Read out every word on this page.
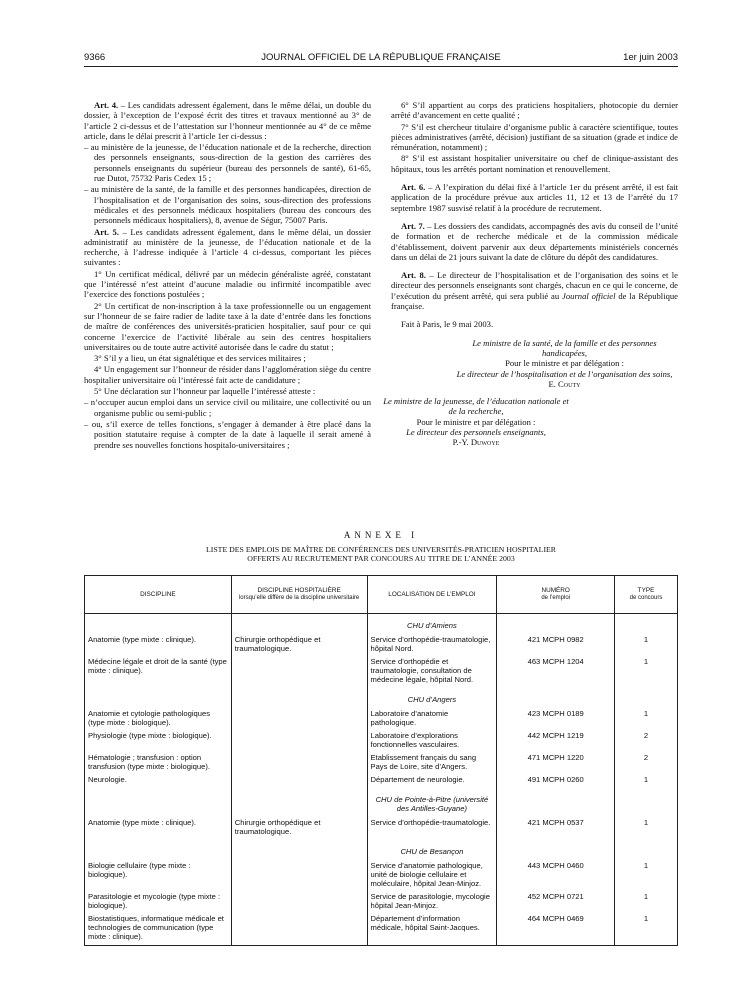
9366	JOURNAL OFFICIEL DE LA RÉPUBLIQUE FRANÇAISE	1er juin 2003

Art. 4. – Les candidats adressent également, dans le même délai, un double du dossier, à l’exception de l’exposé écrit des titres et travaux mentionné au 3° de l’article 2 ci-dessus et de l’attestation sur l’honneur mentionnée au 4° de ce même article, dans le délai prescrit à l’article 1er ci-dessus :

– au ministère de la jeunesse, de l’éducation nationale et de la recherche, direction des personnels enseignants, sous-direction de la gestion des carrières des personnels enseignants du supérieur (bureau des personnels de santé), 61-65, rue Dutot, 75732 Paris Cedex 15 ;

– au ministère de la santé, de la famille et des personnes handicapées, direction de l’hospitalisation et de l’organisation des soins, sous-direction des professions médicales et des personnels médicaux hospitaliers (bureau des concours des personnels médicaux hospitaliers), 8, avenue de Ségur, 75007 Paris.

Art. 5. – Les candidats adressent également, dans le même délai, un dossier administratif au ministère de la jeunesse, de l’éducation nationale et de la recherche, à l’adresse indiquée à l’article 4 ci-dessus, comportant les pièces suivantes :

1° Un certificat médical, délivré par un médecin généraliste agréé, constatant que l’intéressé n’est atteint d’aucune maladie ou infirmité incompatible avec l’exercice des fonctions postulées ;

2° Un certificat de non-inscription à la taxe professionnelle ou un engagement sur l’honneur de se faire radier de ladite taxe à la date d’entrée dans les fonctions de maître de conférences des universités-praticien hospitalier, sauf pour ce qui concerne l’exercice de l’activité libérale au sein des centres hospitaliers universitaires ou de toute autre activité autorisée dans le cadre du statut ;

3° S’il y a lieu, un état signalétique et des services militaires ;

4° Un engagement sur l’honneur de résider dans l’agglomération siège du centre hospitalier universitaire où l’intéressé fait acte de candidature ;

5° Une déclaration sur l’honneur par laquelle l’intéressé atteste :

– n’occuper aucun emploi dans un service civil ou militaire, une collectivité ou un organisme public ou semi-public ;

– ou, s’il exerce de telles fonctions, s’engager à demander à être placé dans la position statutaire requise à compter de la date à laquelle il serait amené à prendre ses nouvelles fonctions hospitalo-universitaires ;

6° S’il appartient au corps des praticiens hospitaliers, photocopie du dernier arrêté d’avancement en cette qualité ;

7° S’il est chercheur titulaire d’organisme public à caractère scientifique, toutes pièces administratives (arrêté, décision) justifiant de sa situation (grade et indice de rémunération, notamment) ;

8° S’il est assistant hospitalier universitaire ou chef de clinique-assistant des hôpitaux, tous les arrêtés portant nomination et renouvellement.

Art. 6. – A l’expiration du délai fixé à l’article 1er du présent arrêté, il est fait application de la procédure prévue aux articles 11, 12 et 13 de l’arrêté du 17 septembre 1987 susvisé relatif à la procédure de recrutement.

Art. 7. – Les dossiers des candidats, accompagnés des avis du conseil de l’unité de formation et de recherche médicale et de la commission médicale d’établissement, doivent parvenir aux deux départements ministériels concernés dans un délai de 21 jours suivant la date de clôture du dépôt des candidatures.

Art. 8. – Le directeur de l’hospitalisation et de l’organisation des soins et le directeur des personnels enseignants sont chargés, chacun en ce qui le concerne, de l’exécution du présent arrêté, qui sera publié au Journal officiel de la République française.

Fait à Paris, le 9 mai 2003.

Le ministre de la santé, de la famille et des personnes handicapées,

Pour le ministre et par délégation :

Le directeur de l’hospitalisation et de l’organisation des soins,

E. Couty

Le ministre de la jeunesse, de l’éducation nationale et de la recherche,

Pour le ministre et par délégation :

Le directeur des personnels enseignants,

P.-Y. Duwoye

ANNEXE I
LISTE DES EMPLOIS DE MAÎTRE DE CONFÉRENCES DES UNIVERSITÉS-PRATICIEN HOSPITALIER
OFFERTS AU RECRUTEMENT PAR CONCOURS AU TITRE DE L’ANNÉE 2003
DISCIPLINE	DISCIPLINE HOSPITALIÈRE
lorsqu’elle diffère de la discipline universitaire	LOCALISATION DE L’EMPLOI	NUMÉRO
de l’emploi	TYPE
de concours

		CHU d’Amiens		
Anatomie (type mixte : clinique).	Chirurgie orthopédique et traumatologique.	Service d’orthopédie-traumatologie, hôpital Nord.	421 MCPH 0982	1
Médecine légale et droit de la santé (type mixte : clinique).		Service d’orthopédie et traumatologie, consultation de médecine légale, hôpital Nord.	463 MCPH 1204	1
		CHU d’Angers		
Anatomie et cytologie pathologiques (type mixte : biologique).		Laboratoire d’anatomie pathologique.	423 MCPH 0189	1
Physiologie (type mixte : biologique).		Laboratoire d’explorations fonctionnelles vasculaires.	442 MCPH 1219	2
Hématologie ; transfusion : option transfusion (type mixte : biologique).		Etablissement français du sang Pays de Loire, site d’Angers.	471 MCPH 1220	2
Neurologie.		Département de neurologie.	491 MCPH 0260	1
		CHU de Pointe-à-Pitre (université des Antilles-Guyane)		
Anatomie (type mixte : clinique).	Chirurgie orthopédique et traumatologique.	Service d’orthopédie-traumatologie.	421 MCPH 0537	1
		CHU de Besançon		
Biologie cellulaire (type mixte : biologique).		Service d’anatomie pathologique, unité de biologie cellulaire et moléculaire, hôpital Jean-Minjoz.	443 MCPH 0460	1
Parasitologie et mycologie (type mixte : biologique).		Service de parasitologie, mycologie hôpital Jean-Minjoz.	452 MCPH 0721	1
Biostatistiques, informatique médicale et technologies de communication (type mixte : clinique).		Département d’information médicale, hôpital Saint-Jacques.	464 MCPH 0469	1
